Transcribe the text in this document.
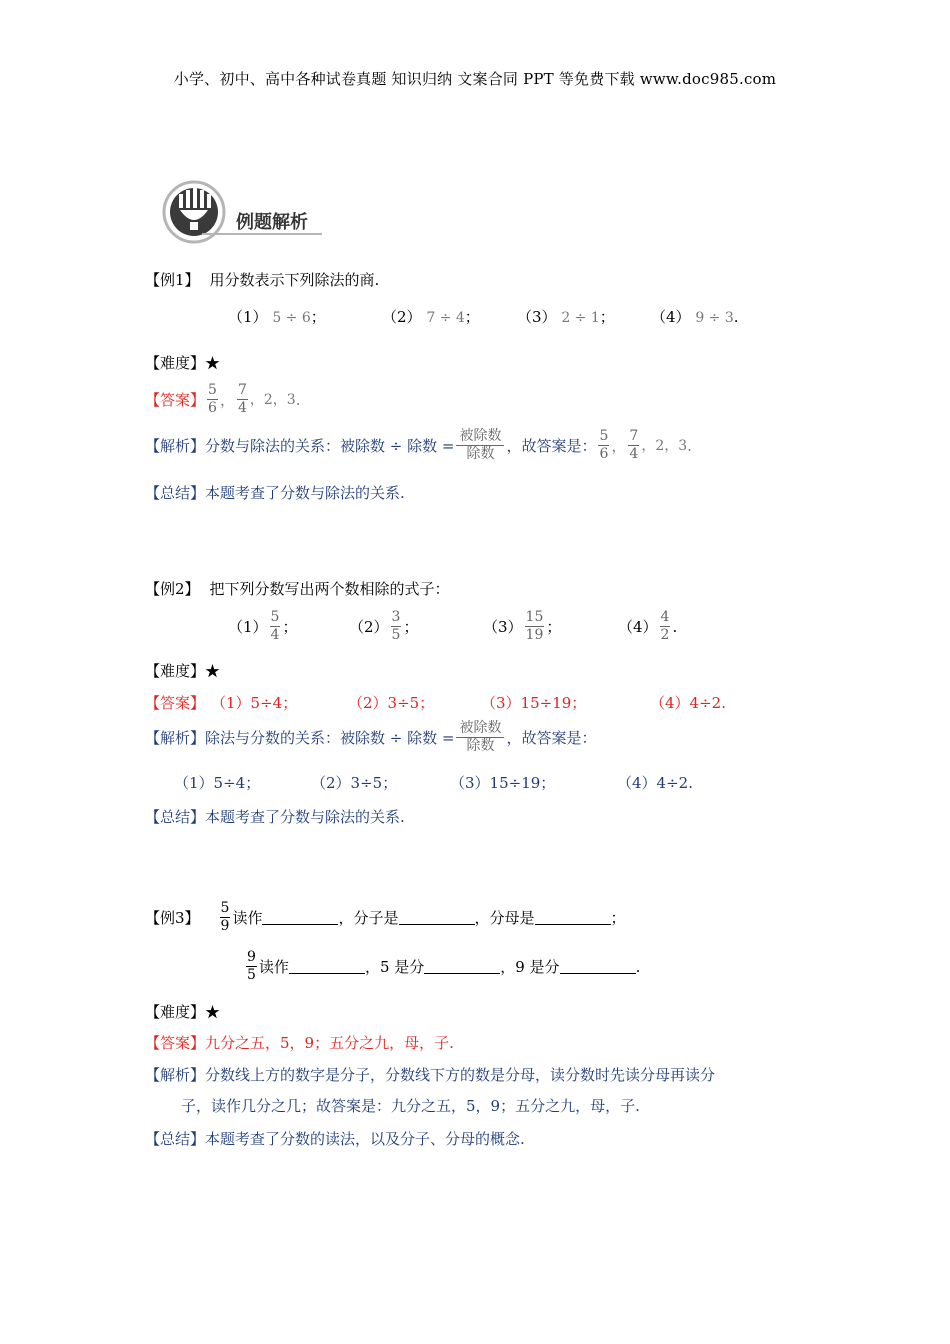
小学、初中、高中各种试卷真题 知识归纳 文案合同 PPT 等免费下载 www.doc985.com
例题解析
【例1】 用分数表示下列除法的商.
（1） 5 ÷ 6；	（2） 7 ÷ 4； （3） 2 ÷ 1； （4） 9 ÷ 3.
【难度】★
【答案】 $\frac{5}{6}$ ， $\frac{7}{4}$ ，2，3 .
【解析】 分数与除法的关系：被除数 ÷ 除数 = $\frac{\text{被除数}}{\text{除数}}$ ，故答案是： $\frac{5}{6}$ ， $\frac{7}{4}$ ，2，3 .
【总结】本题考查了分数与除法的关系.
【例2】 把下列分数写出两个数相除的式子：
$(1) \frac{5}{4}$ ；	$(2) \frac{3}{5}$ ；	$(3) \frac{15}{19}$ ；	$(4) \frac{4}{2}$ .
【难度】★
【答案】 （1）5÷4；	（2）3÷5；	（3）15÷19；	（4）4÷2.
【解析】 除法与分数的关系：被除数 ÷ 除数 = $\frac{\text{被除数}}{\text{除数}}$ ，故答案是：
（1）5÷4；	（2）3÷5；	（3）15÷19；	（4）4÷2.
【总结】本题考查了分数与除法的关系.
【例3】 $\frac{5}{9}$ 读作	，分子是	，分母是	；
$\frac{9}{5}$ 读作	，5 是分	，9 是分	.
【难度】★
【答案】九分之五，5，9；五分之九，母，子.
【解析】分数线上方的数字是分子，分数线下方的数是分母，读分数时先读分母再读分
子，读作几分之几；故答案是：九分之五，5，9；五分之九，母，子.
【总结】本题考查了分数的读法，以及分子、分母的概念.
